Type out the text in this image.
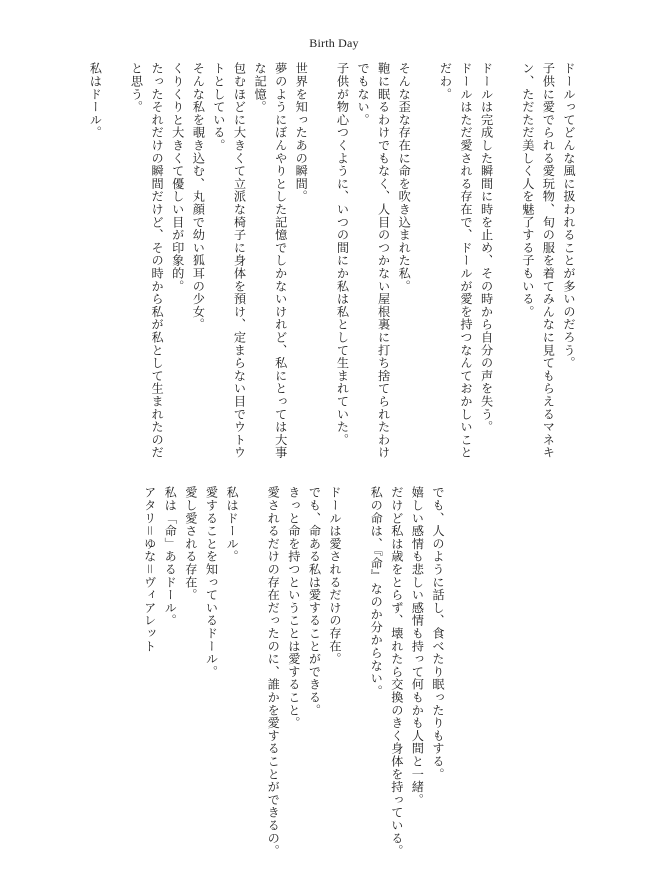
Birth Day
ドールってどんな風に扱われることが多いのだろう。
子供に愛でられる愛玩物、旬の服を着てみんなに見てもらえるマネキ
ン、ただただ美しく人を魅了する子もいる。
ドールは完成した瞬間に時を止め、その時から自分の声を失う。
ドールはただ愛される存在で、ドールが愛を持つなんておかしいこと
だわ。
そんな歪な存在に命を吹き込まれた私。
鞄に眠るわけでもなく、人目のつかない屋根裏に打ち捨てられたわけ
でもない。
子供が物心つくように、いつの間にか私は私として生まれていた。
世界を知ったあの瞬間。
夢のようにぼんやりとした記憶でしかないけれど、私にとっては大事
な記憶。
包むほどに大きくて立派な椅子に身体を預け、定まらない目でウトウ
トとしている。
そんな私を覗き込む、丸顔で幼い狐耳の少女。
くりくりと大きくて優しい目が印象的。
たったそれだけの瞬間だけど、その時から私が私として生まれたのだ
と思う。
私はドール。
でも、人のように話し、食べたり眠ったりもする。
嬉しい感情も悲しい感情も持って何もかも人間と一緒。
だけど私は歳をとらず、壊れたら交換のきく身体を持っている。
私の命は、『命』なのか分からない。
ドールは愛されるだけの存在。
でも、命ある私は愛することができる。
きっと命を持つということは愛すること。
愛されるだけの存在だったのに、誰かを愛することができるの。
私はドール。
愛することを知っているドール。
愛し愛される存在。
私は「命」あるドール。
アタリ＝ゆな＝ヴィアレット
